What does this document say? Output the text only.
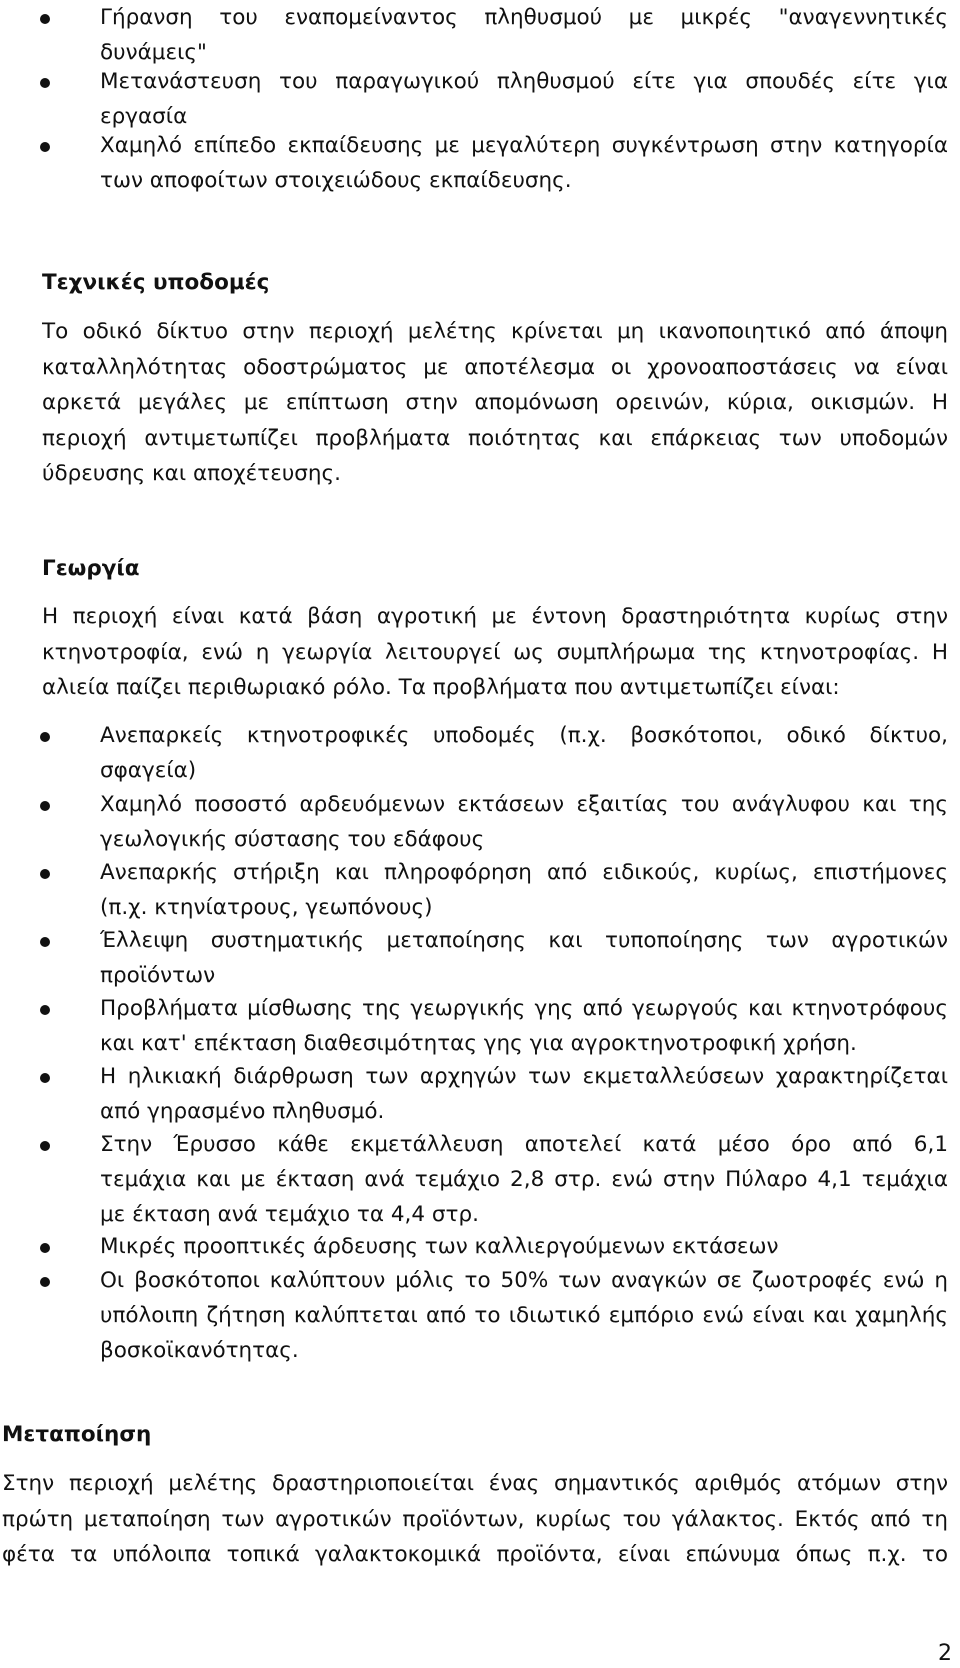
Γήρανση του εναπομείναντος πληθυσμού με μικρές "αναγεννητικές
δυνάμεις"
Μετανάστευση του παραγωγικού πληθυσμού είτε για σπουδές είτε για
εργασία
Χαμηλό επίπεδο εκπαίδευσης με μεγαλύτερη συγκέντρωση στην κατηγορία
των αποφοίτων στοιχειώδους εκπαίδευσης.
Τεχνικές υποδομές
Το οδικό δίκτυο στην περιοχή μελέτης κρίνεται μη ικανοποιητικό από άποψη
καταλληλότητας οδοστρώματος με αποτέλεσμα οι χρονοαποστάσεις να είναι
αρκετά μεγάλες με επίπτωση στην απομόνωση ορεινών, κύρια, οικισμών. Η
περιοχή αντιμετωπίζει προβλήματα ποιότητας και επάρκειας των υποδομών
ύδρευσης και αποχέτευσης.
Γεωργία
Η περιοχή είναι κατά βάση αγροτική με έντονη δραστηριότητα κυρίως στην
κτηνοτροφία, ενώ η γεωργία λειτουργεί ως συμπλήρωμα της κτηνοτροφίας. Η
αλιεία παίζει περιθωριακό ρόλο. Τα προβλήματα που αντιμετωπίζει είναι:
Ανεπαρκείς κτηνοτροφικές υποδομές (π.χ. βοσκότοποι, οδικό δίκτυο,
σφαγεία)
Χαμηλό ποσοστό αρδευόμενων εκτάσεων εξαιτίας του ανάγλυφου και της
γεωλογικής σύστασης του εδάφους
Ανεπαρκής στήριξη και πληροφόρηση από ειδικούς, κυρίως, επιστήμονες
(π.χ. κτηνίατρους, γεωπόνους)
Έλλειψη συστηματικής μεταποίησης και τυποποίησης των αγροτικών
προϊόντων
Προβλήματα μίσθωσης της γεωργικής γης από γεωργούς και κτηνοτρόφους
και κατ' επέκταση διαθεσιμότητας γης για αγροκτηνοτροφική χρήση.
Η ηλικιακή διάρθρωση των αρχηγών των εκμεταλλεύσεων χαρακτηρίζεται
από γηρασμένο πληθυσμό.
Στην Έρυσσο κάθε εκμετάλλευση αποτελεί κατά μέσο όρο από 6,1
τεμάχια και με έκταση ανά τεμάχιο 2,8 στρ. ενώ στην Πύλαρο 4,1 τεμάχια
με έκταση ανά τεμάχιο τα 4,4 στρ.
Μικρές προοπτικές άρδευσης των καλλιεργούμενων εκτάσεων
Οι βοσκότοποι καλύπτουν μόλις το 50% των αναγκών σε ζωοτροφές ενώ η
υπόλοιπη ζήτηση καλύπτεται από το ιδιωτικό εμπόριο ενώ είναι και χαμηλής
βοσκοϊκανότητας.
Μεταποίηση
Στην περιοχή μελέτης δραστηριοποιείται ένας σημαντικός αριθμός ατόμων στην
πρώτη μεταποίηση των αγροτικών προϊόντων, κυρίως του γάλακτος. Εκτός από τη
φέτα τα υπόλοιπα τοπικά γαλακτοκομικά προϊόντα, είναι επώνυμα όπως π.χ. το
2
